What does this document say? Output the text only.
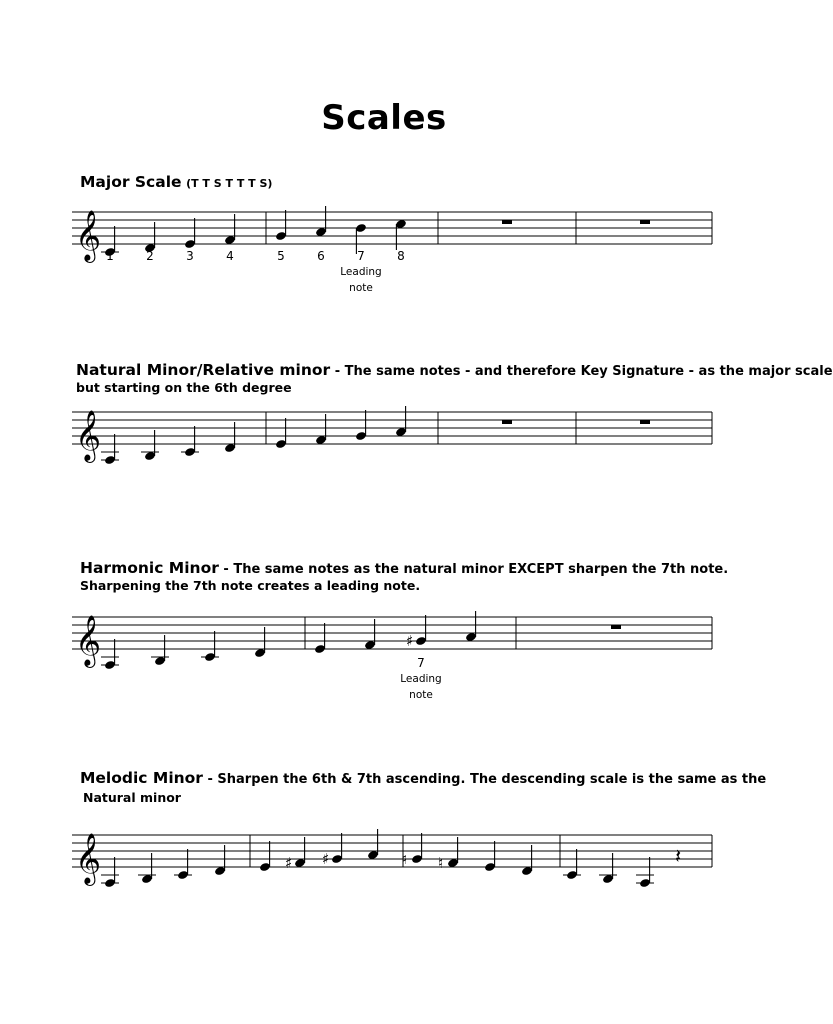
Scales
Major Scale (T T S T T T S)
𝄞 1	2	3	4	5	6	7	8
Leading
note
Natural Minor/Relative minor - The same notes - and therefore Key Signature - as the major scale
but starting on the 6th degree
𝄞
Harmonic Minor - The same notes as the natural minor EXCEPT sharpen the 7th note.
Sharpening the 7th note creates a leading note.
𝄞	♯
7
Leading
note
Melodic Minor - Sharpen the 6th & 7th ascending. The descending scale is the same as the
Natural minor
𝄞	♯ ♯	♮ ♮	𝄽
